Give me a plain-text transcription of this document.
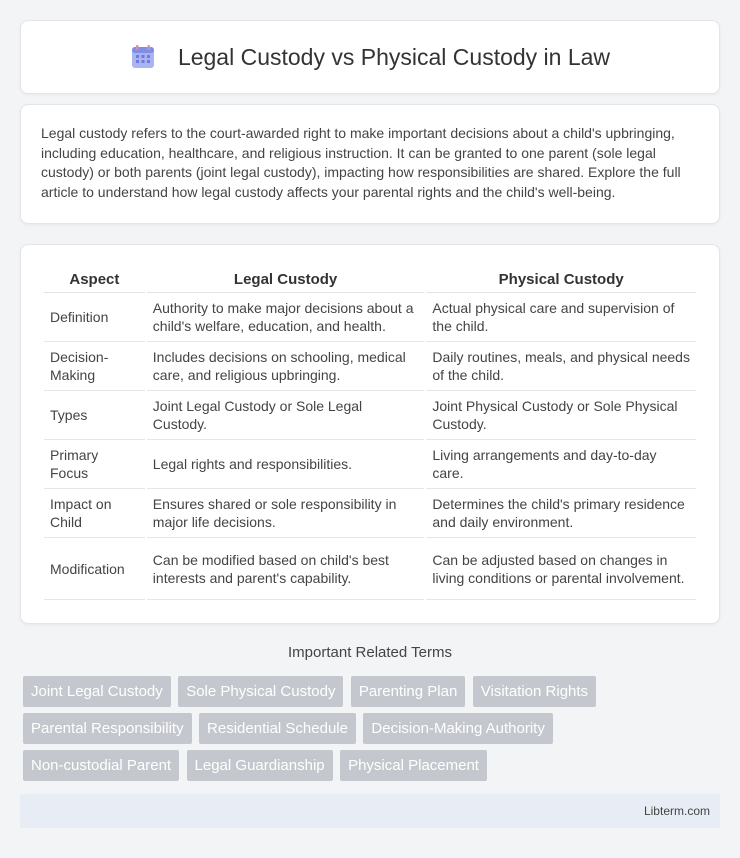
Legal Custody vs Physical Custody in Law

Legal custody refers to the court-awarded right to make important decisions about a child's upbringing, including education, healthcare, and religious instruction. It can be granted to one parent (sole legal custody) or both parents (joint legal custody), impacting how responsibilities are shared. Explore the full article to understand how legal custody affects your parental rights and the child's well-being.

Aspect	Legal Custody	Physical Custody
Definition	Authority to make major decisions about a child's welfare, education, and health.	Actual physical care and supervision of the child.
Decision-Making	Includes decisions on schooling, medical care, and religious upbringing.	Daily routines, meals, and physical needs of the child.
Types	Joint Legal Custody or Sole Legal Custody.	Joint Physical Custody or Sole Physical Custody.
Primary Focus	Legal rights and responsibilities.	Living arrangements and day-to-day care.
Impact on Child	Ensures shared or sole responsibility in major life decisions.	Determines the child's primary residence and daily environment.
Modification	Can be modified based on child's best interests and parent's capability.	Can be adjusted based on changes in living conditions or parental involvement.
Important Related Terms
Joint Legal Custody Sole Physical Custody Parenting Plan Visitation Rights
Parental Responsibility Residential Schedule Decision-Making Authority
Non-custodial Parent Legal Guardianship Physical Placement
Libterm.com
